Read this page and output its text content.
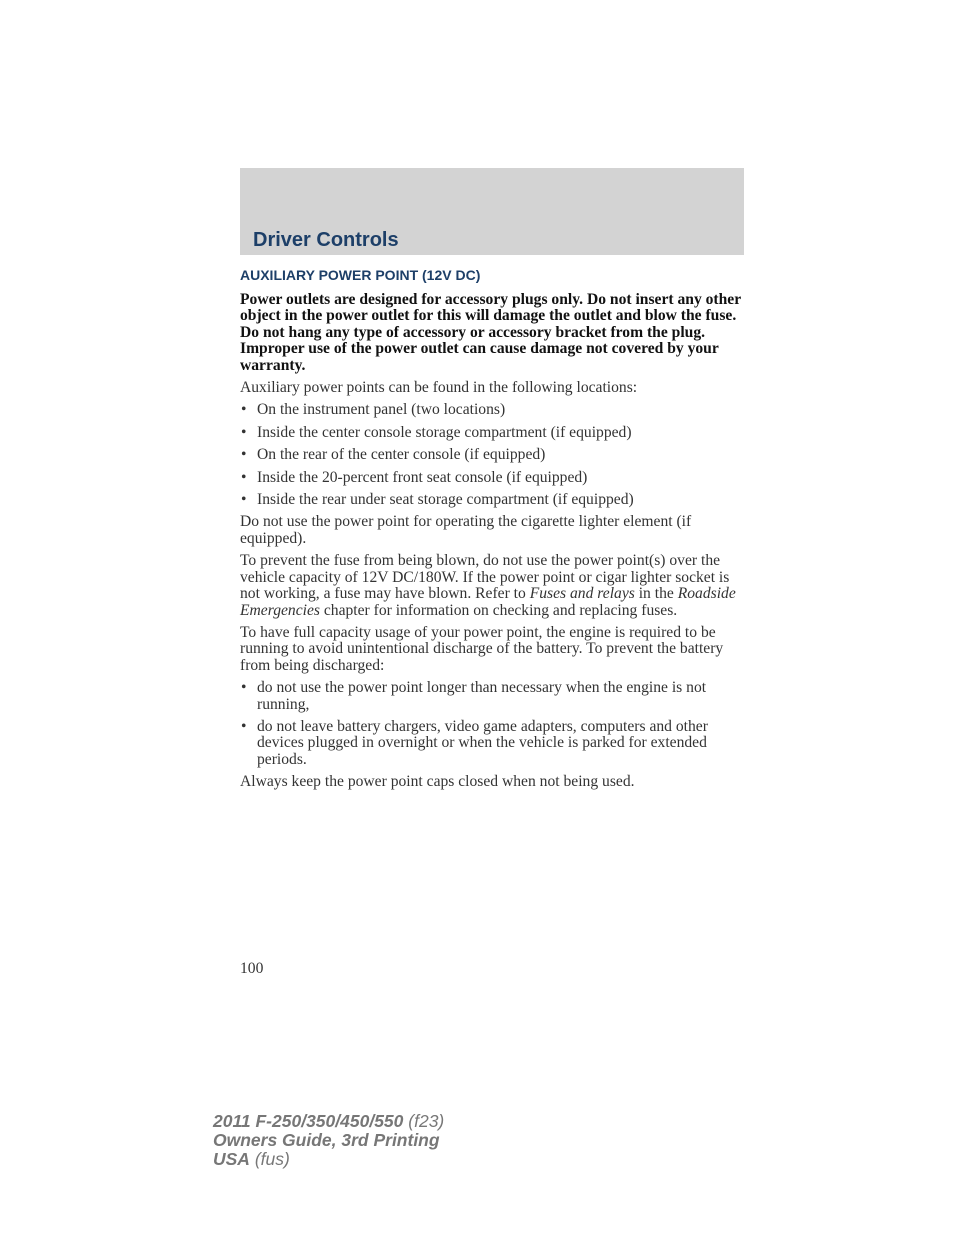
Driver Controls
AUXILIARY POWER POINT (12V DC)

Power outlets are designed for accessory plugs only. Do not insert any other object in the power outlet for this will damage the outlet and blow the fuse. Do not hang any type of accessory or accessory bracket from the plug. Improper use of the power outlet can cause damage not covered by your warranty.

Auxiliary power points can be found in the following locations:

• On the instrument panel (two locations)
• Inside the center console storage compartment (if equipped)
• On the rear of the center console (if equipped)
• Inside the 20-percent front seat console (if equipped)
• Inside the rear under seat storage compartment (if equipped)

Do not use the power point for operating the cigarette lighter element (if equipped).

To prevent the fuse from being blown, do not use the power point(s) over the vehicle capacity of 12V DC/180W. If the power point or cigar lighter socket is not working, a fuse may have blown. Refer to Fuses and relays in the Roadside Emergencies chapter for information on checking and replacing fuses.

To have full capacity usage of your power point, the engine is required to be running to avoid unintentional discharge of the battery. To prevent the battery from being discharged:

• do not use the power point longer than necessary when the engine is not running,
• do not leave battery chargers, video game adapters, computers and other devices plugged in overnight or when the vehicle is parked for extended periods.

Always keep the power point caps closed when not being used.

100
2011 F-250/350/450/550 (f23)
Owners Guide, 3rd Printing
USA (fus)
